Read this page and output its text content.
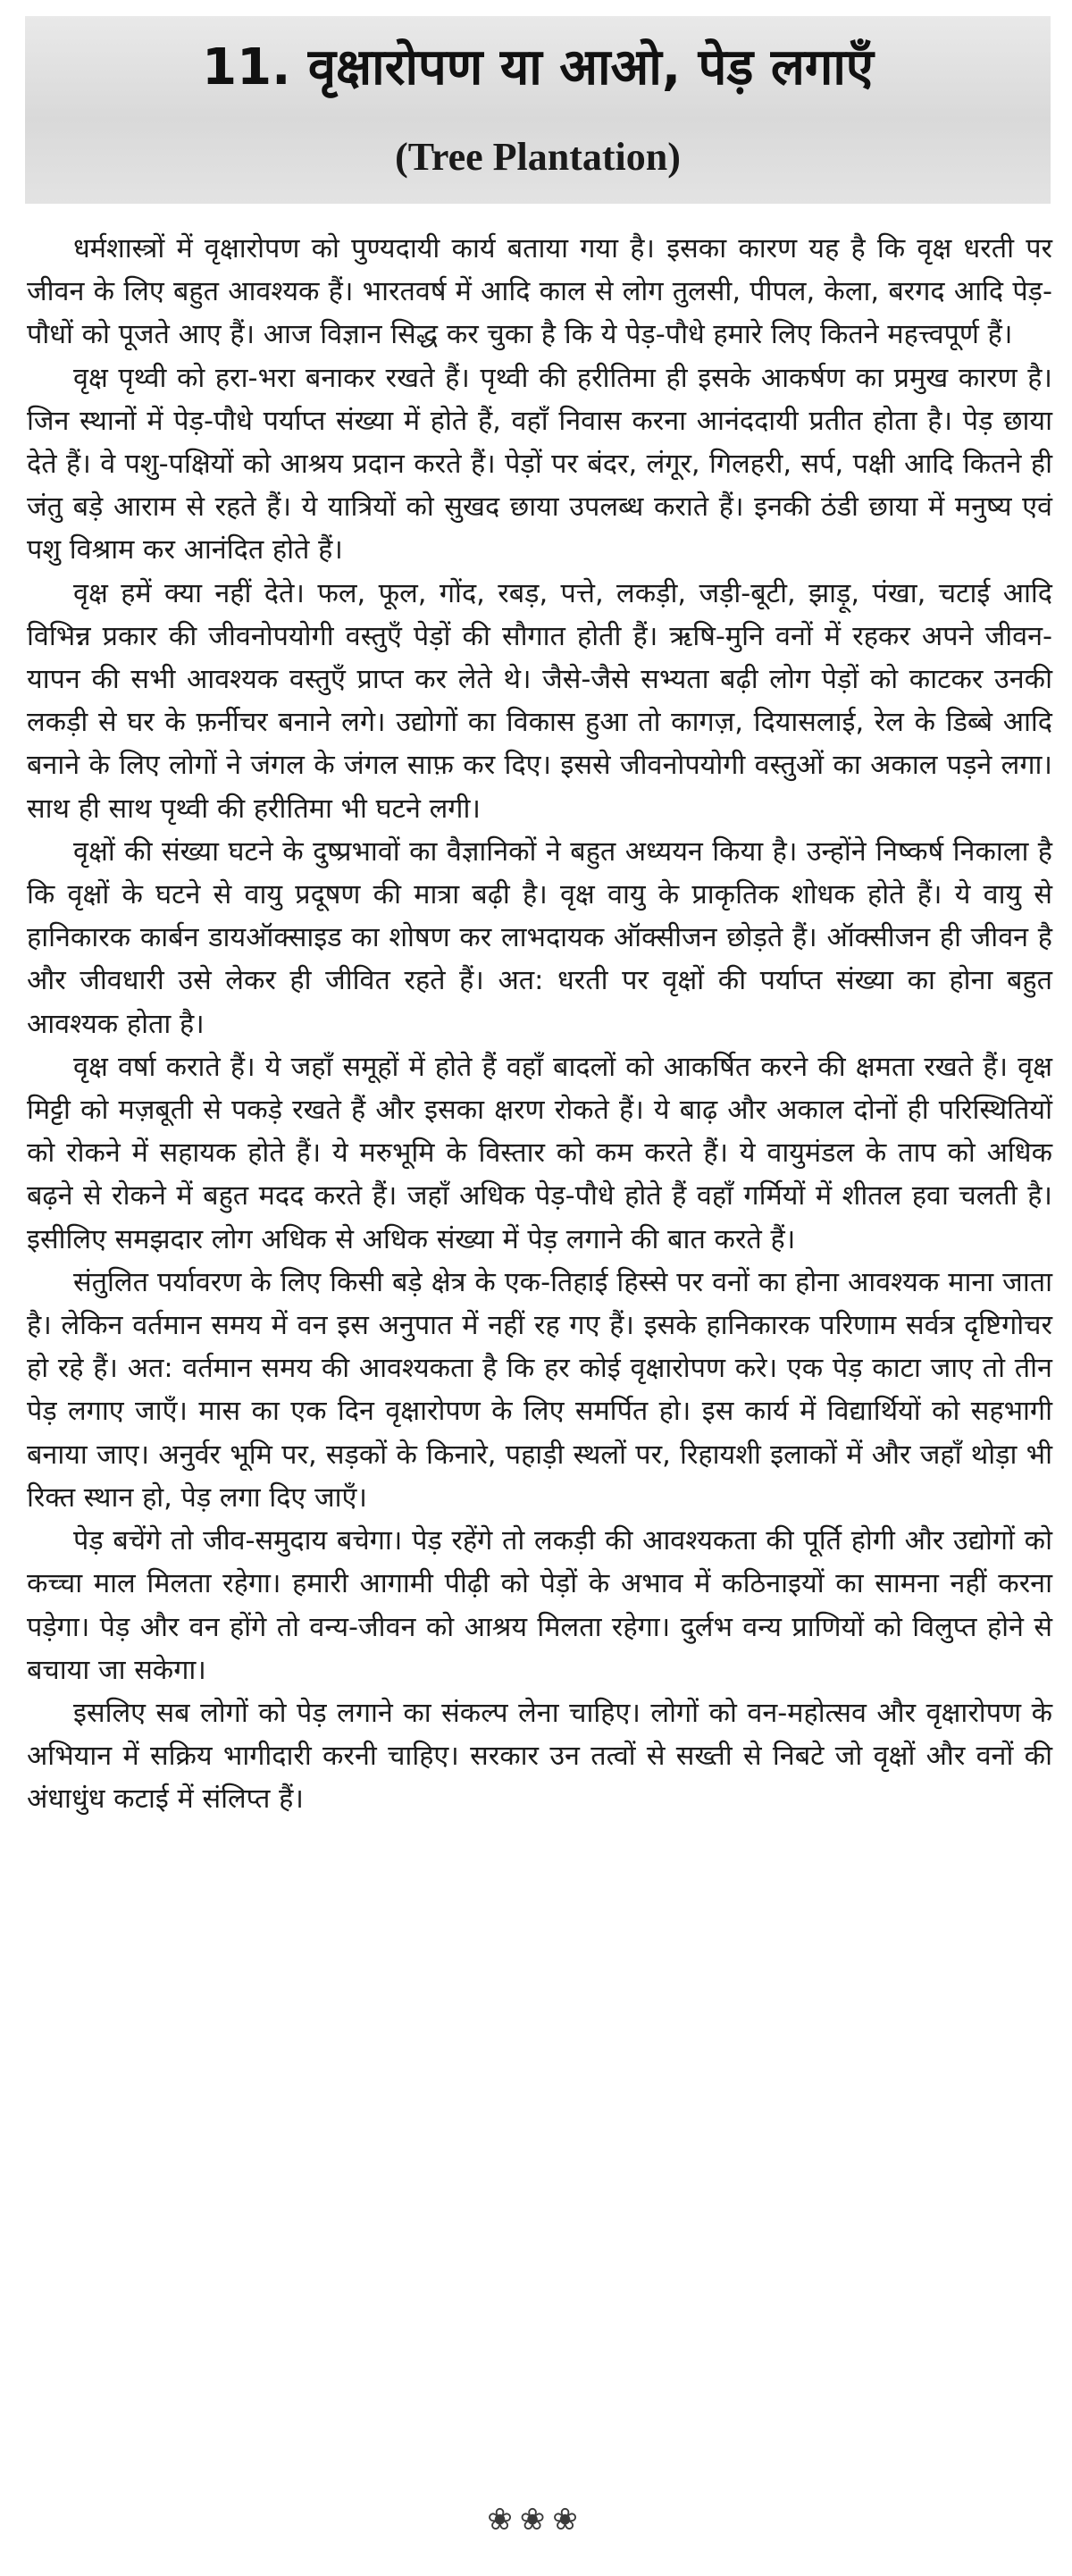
11. वृक्षारोपण या आओ, पेड़ लगाएँ
(Tree Plantation)

धर्मशास्त्रों में वृक्षारोपण को पुण्यदायी कार्य बताया गया है। इसका कारण यह है कि वृक्ष धरती पर जीवन के लिए बहुत आवश्यक हैं। भारतवर्ष में आदि काल से लोग तुलसी, पीपल, केला, बरगद आदि पेड़-पौधों को पूजते आए हैं। आज विज्ञान सिद्ध कर चुका है कि ये पेड़-पौधे हमारे लिए कितने महत्त्वपूर्ण हैं।

वृक्ष पृथ्वी को हरा-भरा बनाकर रखते हैं। पृथ्वी की हरीतिमा ही इसके आकर्षण का प्रमुख कारण है। जिन स्थानों में पेड़-पौधे पर्याप्त संख्या में होते हैं, वहाँ निवास करना आनंददायी प्रतीत होता है। पेड़ छाया देते हैं। वे पशु-पक्षियों को आश्रय प्रदान करते हैं। पेड़ों पर बंदर, लंगूर, गिलहरी, सर्प, पक्षी आदि कितने ही जंतु बड़े आराम से रहते हैं। ये यात्रियों को सुखद छाया उपलब्ध कराते हैं। इनकी ठंडी छाया में मनुष्य एवं पशु विश्राम कर आनंदित होते हैं।

वृक्ष हमें क्या नहीं देते। फल, फूल, गोंद, रबड़, पत्ते, लकड़ी, जड़ी-बूटी, झाड़ू, पंखा, चटाई आदि विभिन्न प्रकार की जीवनोपयोगी वस्तुएँ पेड़ों की सौगात होती हैं। ऋषि-मुनि वनों में रहकर अपने जीवन-यापन की सभी आवश्यक वस्तुएँ प्राप्त कर लेते थे। जैसे-जैसे सभ्यता बढ़ी लोग पेड़ों को काटकर उनकी लकड़ी से घर के फ़र्नीचर बनाने लगे। उद्योगों का विकास हुआ तो कागज़, दियासलाई, रेल के डिब्बे आदि बनाने के लिए लोगों ने जंगल के जंगल साफ़ कर दिए। इससे जीवनोपयोगी वस्तुओं का अकाल पड़ने लगा। साथ ही साथ पृथ्वी की हरीतिमा भी घटने लगी।

वृक्षों की संख्या घटने के दुष्प्रभावों का वैज्ञानिकों ने बहुत अध्ययन किया है। उन्होंने निष्कर्ष निकाला है कि वृक्षों के घटने से वायु प्रदूषण की मात्रा बढ़ी है। वृक्ष वायु के प्राकृतिक शोधक होते हैं। ये वायु से हानिकारक कार्बन डायऑक्साइड का शोषण कर लाभदायक ऑक्सीजन छोड़ते हैं। ऑक्सीजन ही जीवन है और जीवधारी उसे लेकर ही जीवित रहते हैं। अत: धरती पर वृक्षों की पर्याप्त संख्या का होना बहुत आवश्यक होता है।

वृक्ष वर्षा कराते हैं। ये जहाँ समूहों में होते हैं वहाँ बादलों को आकर्षित करने की क्षमता रखते हैं। वृक्ष मिट्टी को मज़बूती से पकड़े रखते हैं और इसका क्षरण रोकते हैं। ये बाढ़ और अकाल दोनों ही परिस्थितियों को रोकने में सहायक होते हैं। ये मरुभूमि के विस्तार को कम करते हैं। ये वायुमंडल के ताप को अधिक बढ़ने से रोकने में बहुत मदद करते हैं। जहाँ अधिक पेड़-पौधे होते हैं वहाँ गर्मियों में शीतल हवा चलती है। इसीलिए समझदार लोग अधिक से अधिक संख्या में पेड़ लगाने की बात करते हैं।

संतुलित पर्यावरण के लिए किसी बड़े क्षेत्र के एक-तिहाई हिस्से पर वनों का होना आवश्यक माना जाता है। लेकिन वर्तमान समय में वन इस अनुपात में नहीं रह गए हैं। इसके हानिकारक परिणाम सर्वत्र दृष्टिगोचर हो रहे हैं। अत: वर्तमान समय की आवश्यकता है कि हर कोई वृक्षारोपण करे। एक पेड़ काटा जाए तो तीन पेड़ लगाए जाएँ। मास का एक दिन वृक्षारोपण के लिए समर्पित हो। इस कार्य में विद्यार्थियों को सहभागी बनाया जाए। अनुर्वर भूमि पर, सड़कों के किनारे, पहाड़ी स्थलों पर, रिहायशी इलाकों में और जहाँ थोड़ा भी रिक्त स्थान हो, पेड़ लगा दिए जाएँ।

पेड़ बचेंगे तो जीव-समुदाय बचेगा। पेड़ रहेंगे तो लकड़ी की आवश्यकता की पूर्ति होगी और उद्योगों को कच्चा माल मिलता रहेगा। हमारी आगामी पीढ़ी को पेड़ों के अभाव में कठिनाइयों का सामना नहीं करना पड़ेगा। पेड़ और वन होंगे तो वन्य-जीवन को आश्रय मिलता रहेगा। दुर्लभ वन्य प्राणियों को विलुप्त होने से बचाया जा सकेगा।

इसलिए सब लोगों को पेड़ लगाने का संकल्प लेना चाहिए। लोगों को वन-महोत्सव और वृक्षारोपण के अभियान में सक्रिय भागीदारी करनी चाहिए। सरकार उन तत्वों से सख्ती से निबटे जो वृक्षों और वनों की अंधाधुंध कटाई में संलिप्त हैं।

❀❀❀
